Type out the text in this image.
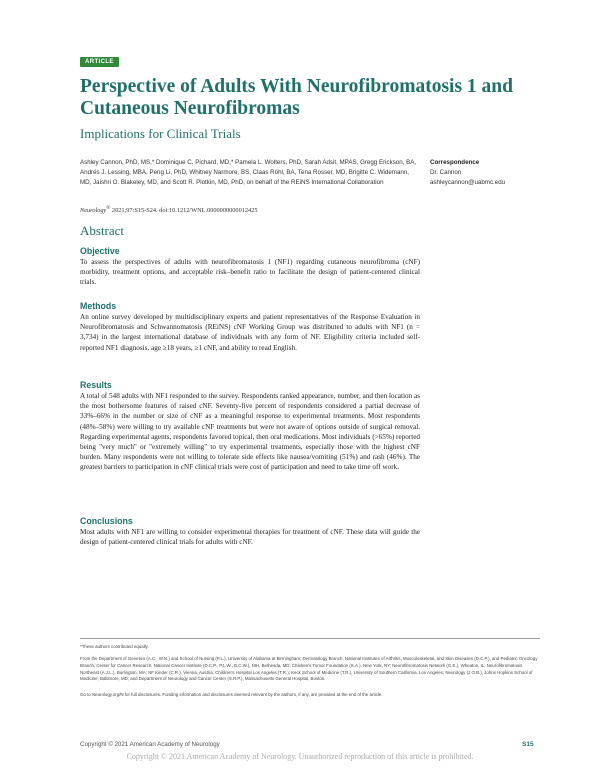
ARTICLE
Perspective of Adults With Neurofibromatosis 1 and Cutaneous Neurofibromas
Implications for Clinical Trials
Ashley Cannon, PhD, MS,* Dominique C. Pichard, MD,* Pamela L. Wolters, PhD, Sarah Adsit, MPAS, Gregg Erickson, BA, Andrés J. Lessing, MBA, Peng Li, PhD, Whitney Narmore, BS, Claas Röhl, BA, Tena Rosser, MD, Brigitte C. Widemann, MD, Jaishri O. Blakeley, MD, and Scott R. Plotkin, MD, PhD, on behalf of the REiNS International Collaboration
Correspondence
Dr. Cannon
ashleycannon@uabmc.edu
Neurology® 2021;97:S15-S24. doi:10.1212/WNL.0000000000012425
Abstract
Objective

To assess the perspectives of adults with neurofibromatosis 1 (NF1) regarding cutaneous neurofibroma (cNF) morbidity, treatment options, and acceptable risk–benefit ratio to facilitate the design of patient-centered clinical trials.

Methods

An online survey developed by multidisciplinary experts and patient representatives of the Response Evaluation in Neurofibromatosis and Schwannomatosis (REiNS) cNF Working Group was distributed to adults with NF1 (n = 3,734) in the largest international database of individuals with any form of NF. Eligibility criteria included self-reported NF1 diagnosis, age ≥18 years, ≥1 cNF, and ability to read English.

Results

A total of 548 adults with NF1 responded to the survey. Respondents ranked appearance, number, and then location as the most bothersome features of raised cNF. Seventy-five percent of respondents considered a partial decrease of 33%–66% in the number or size of cNF as a meaningful response to experimental treatments. Most respondents (48%–58%) were willing to try available cNF treatments but were not aware of options outside of surgical removal. Regarding experimental agents, respondents favored topical, then oral medications. Most individuals (>65%) reported being "very much" or "extremely willing" to try experimental treatments, especially those with the highest cNF burden. Many respondents were not willing to tolerate side effects like nausea/vomiting (51%) and rash (46%). The greatest barriers to participation in cNF clinical trials were cost of participation and need to take time off work.

Conclusions

Most adults with NF1 are willing to consider experimental therapies for treatment of cNF. These data will guide the design of patient-centered clinical trials for adults with cNF.

*These authors contributed equally.
From the Department of Genetics (A.C., W.N.) and School of Nursing (P.L.), University of Alabama at Birmingham; Dermatology Branch, National Institutes of Arthritis, Musculoskeletal, and Skin Diseases (D.C.P.), and Pediatric Oncology Branch, Center for Cancer Research, National Cancer Institute (D.C.P., P.L.W., B.C.W.), NIH, Bethesda, MD; Children's Tumor Foundation (S.A.), New York, NY; Neurofibromatosis Network (G.E.), Wheaton, IL; Neurofibromatosis Northeast (A.J.L.), Burlington, MA; NF Kinder (C.R.), Vienna, Austria; Children's Hospital Los Angeles (T.R.); Keck School of Medicine (T.R.), University of Southern California, Los Angeles; Neurology (J.O.B.), Johns Hopkins School of Medicine, Baltimore, MD; and Department of Neurology and Cancer Center (S.R.P.), Massachusetts General Hospital, Boston.
Go to Neurology.org/N for full disclosures. Funding information and disclosures deemed relevant by the authors, if any, are provided at the end of the article.
Copyright © 2021 American Academy of Neurology	S15
Copyright © 2021 American Academy of Neurology. Unauthorized reproduction of this article is prohibited.
